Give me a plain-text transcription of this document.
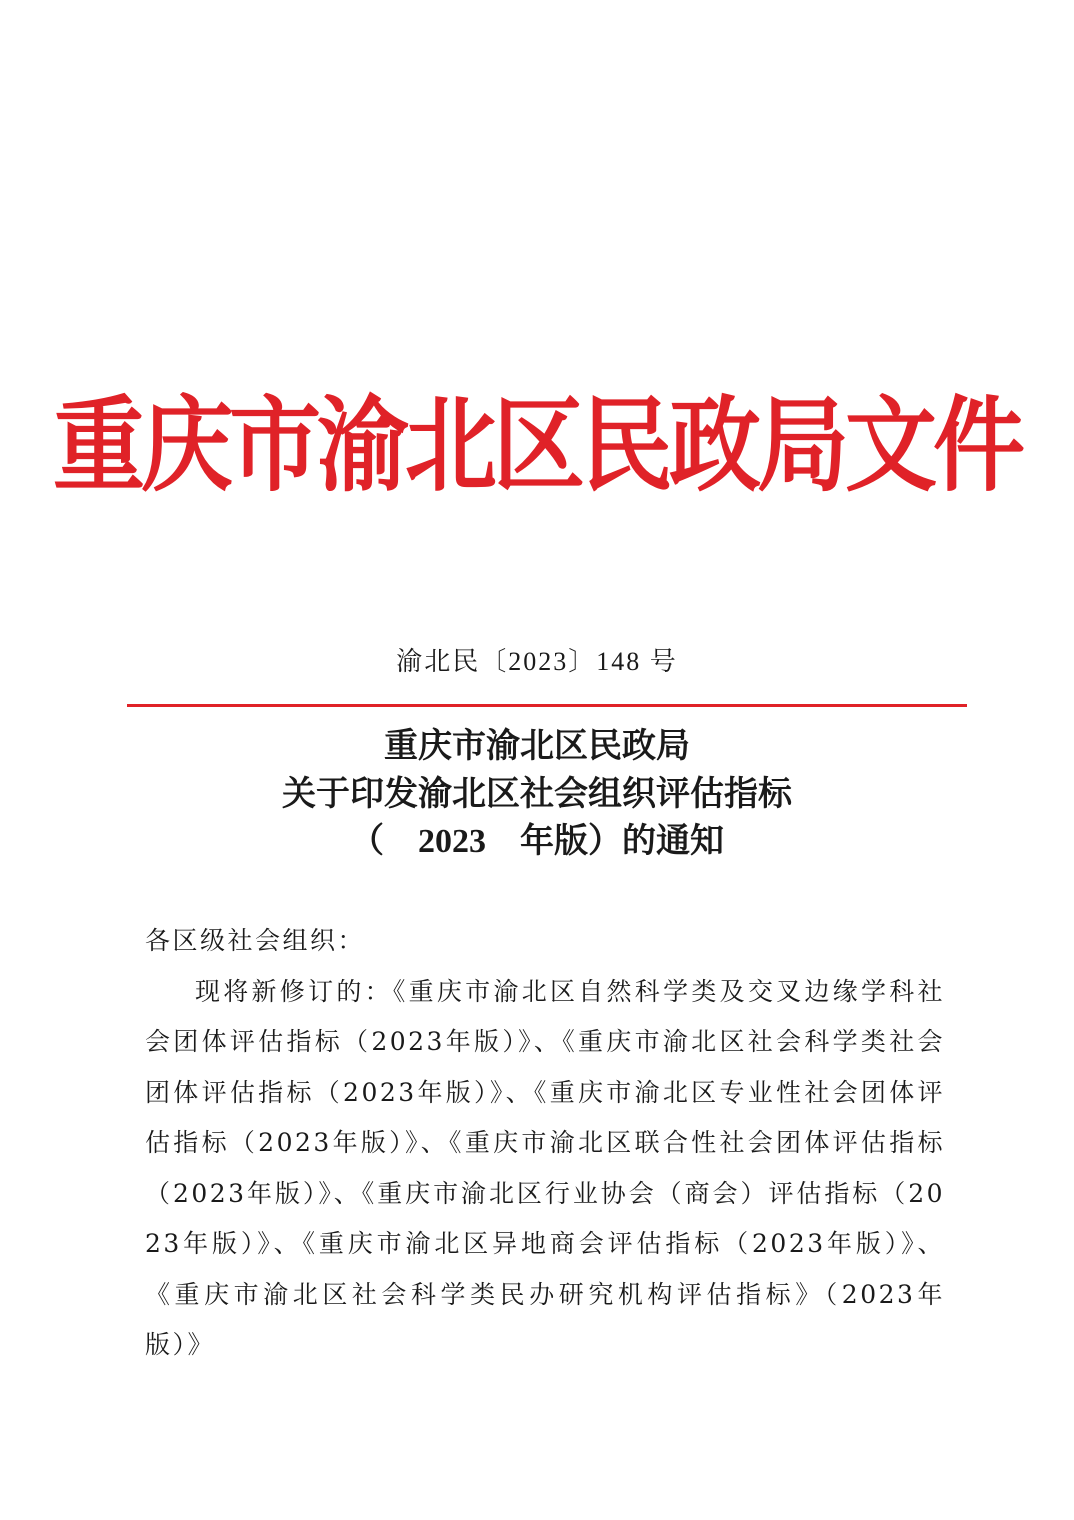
重庆市渝北区民政局文件
渝北民〔2023〕148 号
重庆市渝北区民政局
关于印发渝北区社会组织评估指标
（　2023　年版）的通知
各区级社会组织：
现将新修订的：《重庆市渝北区自然科学类及交叉边缘学科社会团体评估指标（2023年版）》、《重庆市渝北区社会科学类社会团体评估指标（2023年版）》、《重庆市渝北区专业性社会团体评估指标（2023年版）》、《重庆市渝北区联合性社会团体评估指标（2023年版）》、《重庆市渝北区行业协会（商会）评估指标（2023年版）》、《重庆市渝北区异地商会评估指标（2023年版）》、《重庆市渝北区社会科学类民办研究机构评估指标》（2023年版）》
